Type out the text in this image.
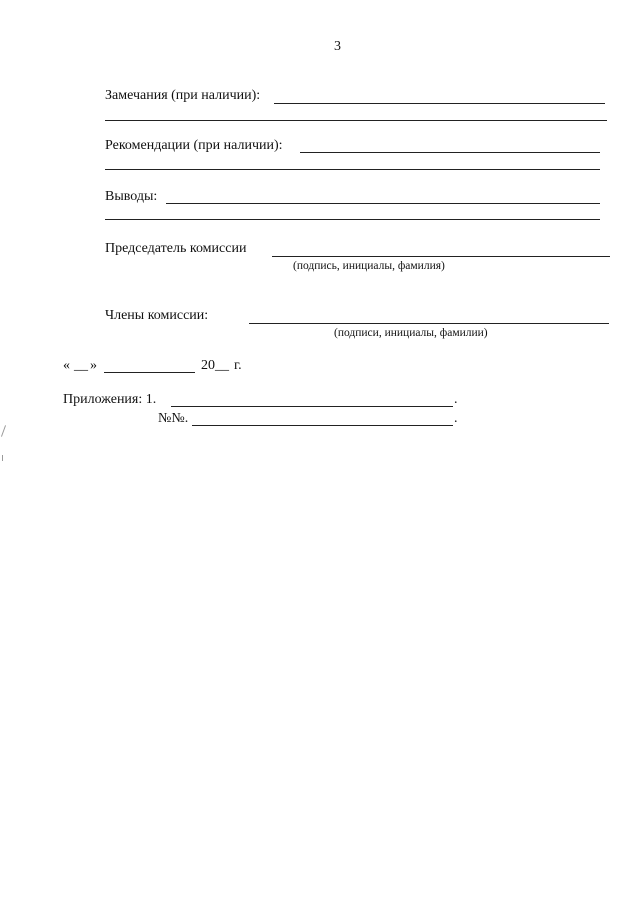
3
Замечания (при наличии):
Рекомендации (при наличии):
Выводы:
Председатель комиссии
(подпись, инициалы, фамилия)
Члены комиссии:
(подписи, инициалы, фамилии)
« __ »	20 __ г.
Приложения: 1.	.
№№.	.
